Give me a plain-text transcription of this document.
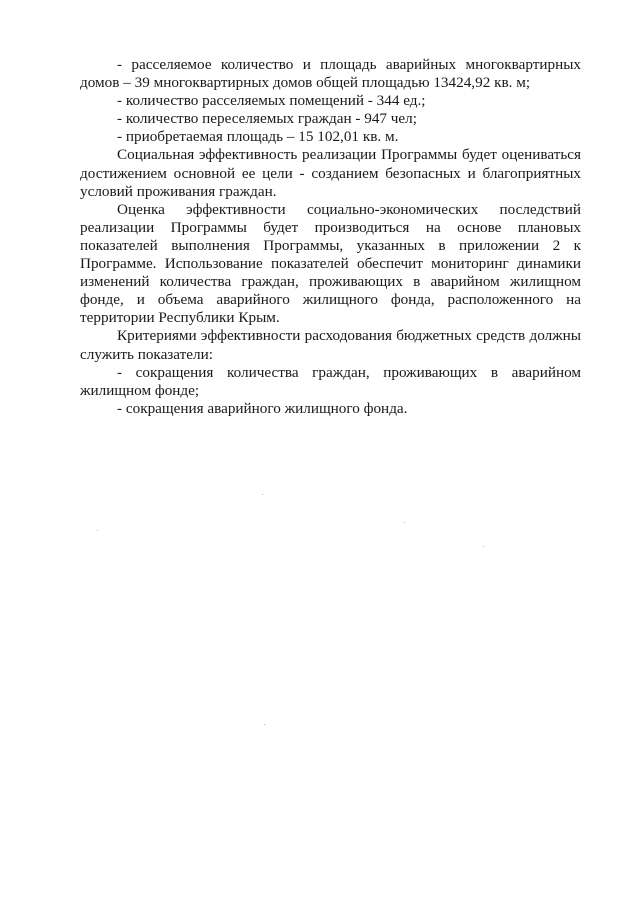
- расселяемое количество и площадь аварийных многоквартирных домов – 39 многоквартирных домов общей площадью 13424,92 кв. м;

- количество расселяемых помещений - 344 ед.;

- количество переселяемых граждан - 947 чел;

- приобретаемая площадь – 15 102,01 кв. м.

Социальная эффективность реализации Программы будет оцениваться достижением основной ее цели - созданием безопасных и благоприятных условий проживания граждан.

Оценка эффективности социально-экономических последствий реализации Программы будет производиться на основе плановых показателей выполнения Программы, указанных в приложении 2 к Программе. Использование показателей обеспечит мониторинг динамики изменений количества граждан, проживающих в аварийном жилищном фонде, и объема аварийного жилищного фонда, расположенного на территории Республики Крым.

Критериями эффективности расходования бюджетных средств должны служить показатели:

- сокращения количества граждан, проживающих в аварийном жилищном фонде;

- сокращения аварийного жилищного фонда.
